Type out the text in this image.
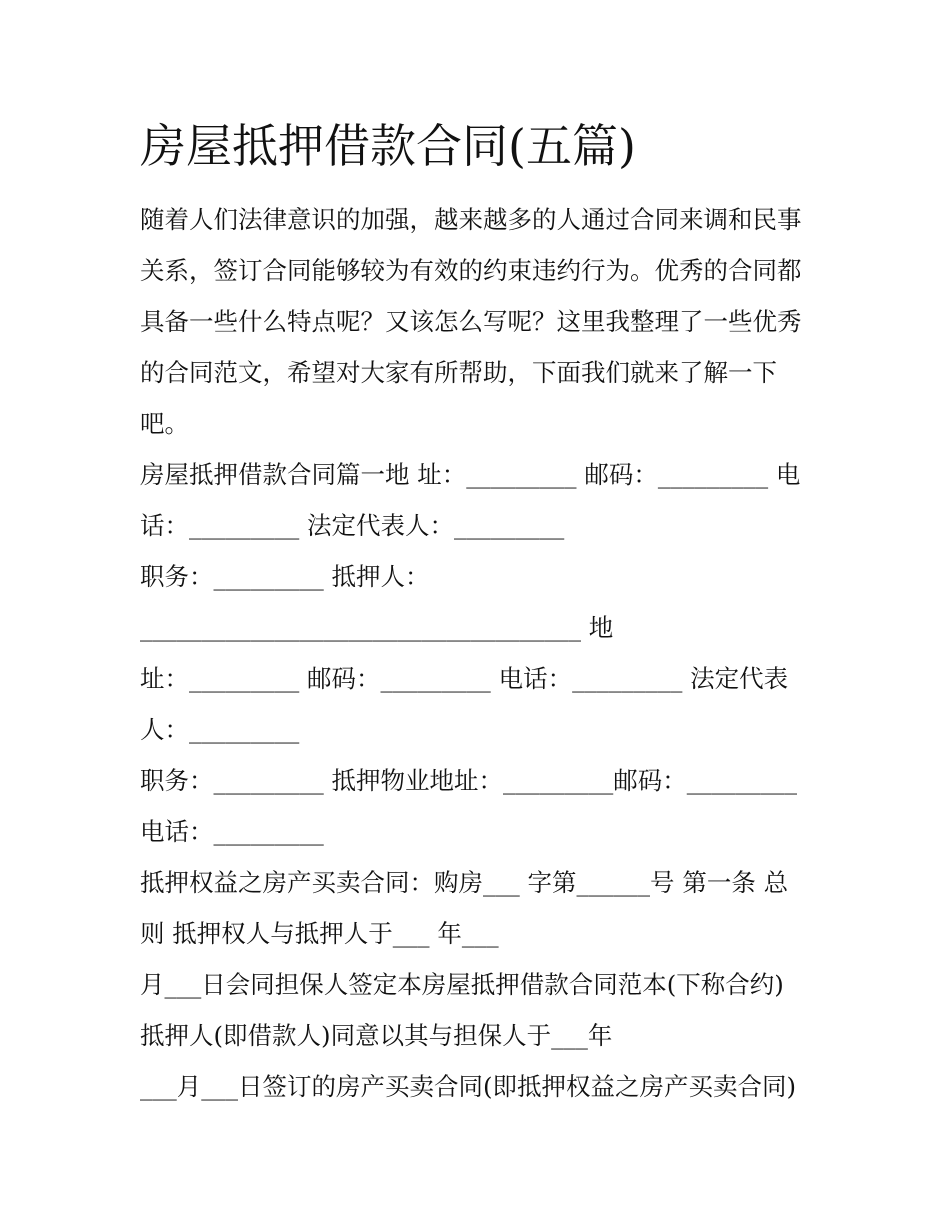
房屋抵押借款合同(五篇)

随着人们法律意识的加强，越来越多的人通过合同来调和民事

关系，签订合同能够较为有效的约束违约行为。优秀的合同都

具备一些什么特点呢？又该怎么写呢？这里我整理了一些优秀

的合同范文，希望对大家有所帮助，下面我们就来了解一下

吧。

房屋抵押借款合同篇一地 址：_________ 邮码：_________ 电

话：_________ 法定代表人：_________

职务：_________ 抵押人：

____________________________________ 地

址：_________ 邮码：_________ 电话：_________ 法定代表

人：_________

职务：_________ 抵押物业地址：_________邮码：_________

电话：_________

抵押权益之房产买卖合同：购房___ 字第______号 第一条 总

则 抵押权人与抵押人于___ 年___

月___日会同担保人签定本房屋抵押借款合同范本(下称合约)

抵押人(即借款人)同意以其与担保人于___年

___月___日签订的房产买卖合同(即抵押权益之房产买卖合同)
